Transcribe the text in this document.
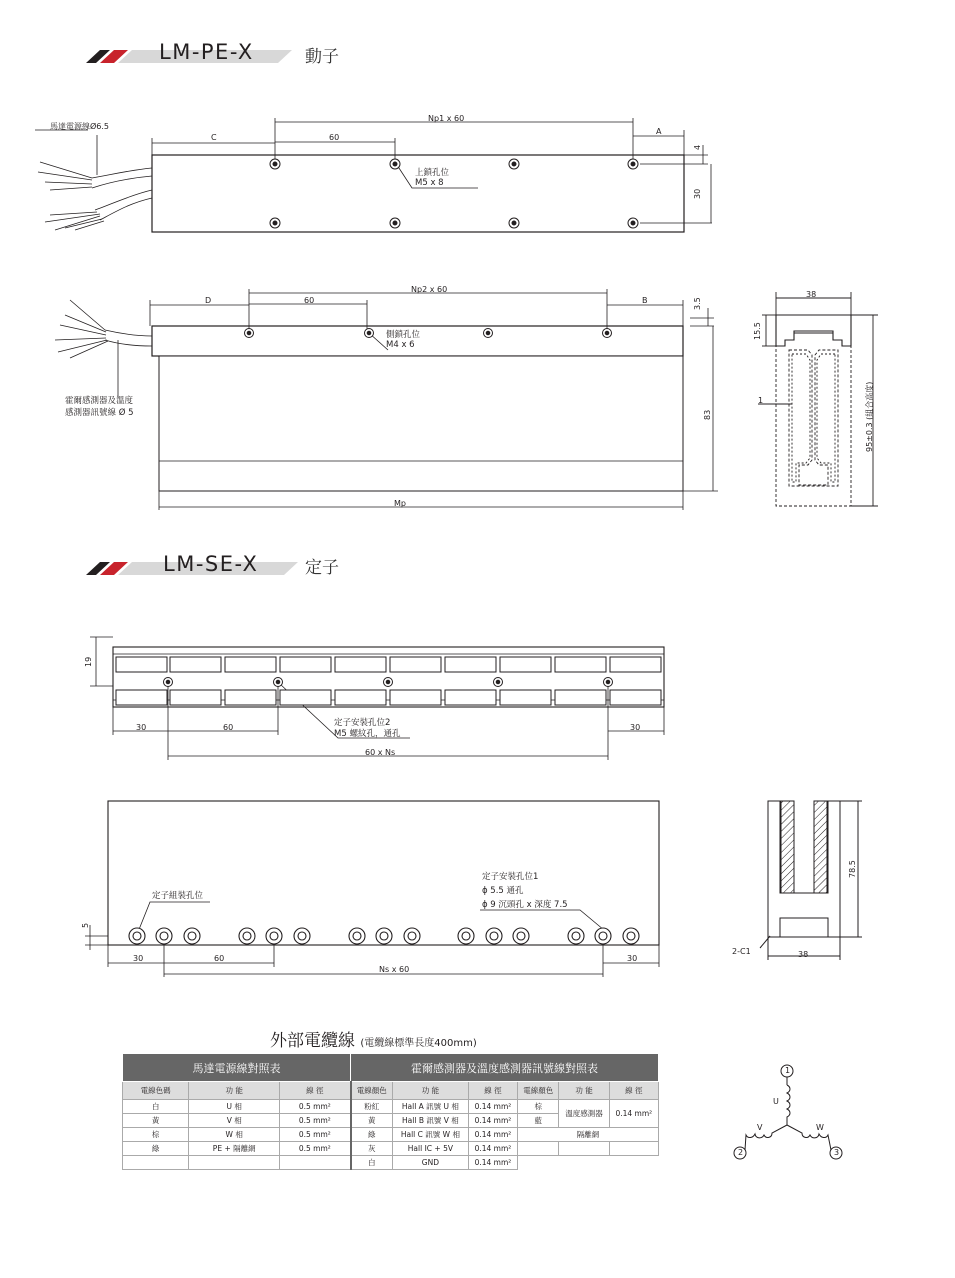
LM-PE-X	動子
馬達電源線Ø6.5
C	60
Np1 x 60
A
4
30
上鎖孔位
M5 x 8
D	60
Np2 x 60
B	3.5
83
Mp
側鎖孔位
M4 x 6
霍爾感測器及溫度
感測器訊號線 Ø 5
38
15.5
1	95±0.3 (組合高度)
LM-SE-X	定子
19
30	60	30
60 x Ns
定子安裝孔位2
M5 螺紋孔，通孔
定子組裝孔位
定子安裝孔位1
ϕ 5.5 通孔
ϕ 9 沉頭孔 x 深度 7.5
5
30	60
Ns x 60
30
78.5
38
2-C1
外部電纜線 (電纜線標準長度400mm)
馬達電源線對照表			霍爾感測器及溫度感測器訊號線對照表					
電線色碼	功 能	線 徑	電線顏色	功 能	線 徑	電線顏色	功 能	線 徑
白	U 相	0.5 mm²	粉紅	Hall A 訊號 U 相	0.14 mm²	棕	溫度感測器	0.14 mm²
黃	V 相	0.5 mm²	黃	Hall B 訊號 V 相	0.14 mm²	藍		
棕	W 相	0.5 mm²	綠	Hall C 訊號 W 相	0.14 mm²	隔離網		
綠	PE + 隔離網	0.5 mm²	灰	Hall IC + 5V	0.14 mm²			
			白	GND	0.14 mm²			
1
2	3
U
V	W
